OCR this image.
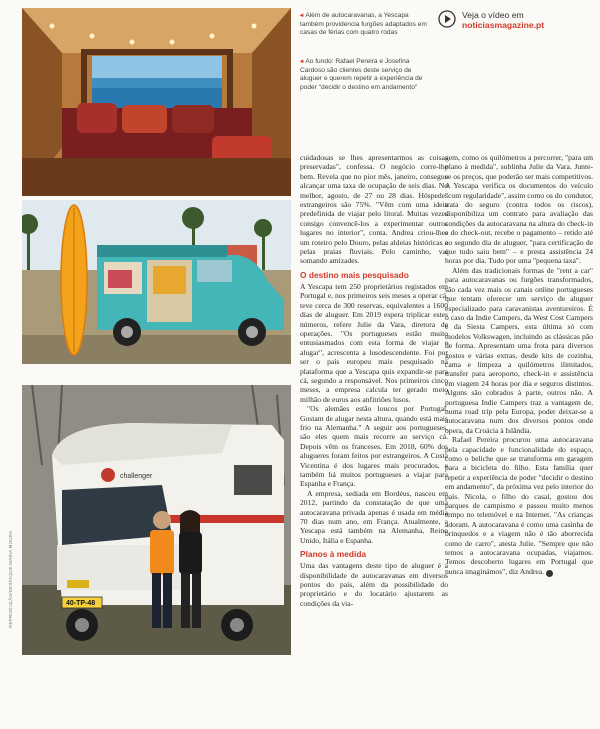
challenger
40-TP-48
REPRODUÇÃO/DESTAQUE MARIA MOURA
◂ Além de autocaravanas, a Yescapa também providencia furgões adaptados em casas de férias com quatro rodas
◂ Ao fundo: Rafael Pereira e Josefina Cardoso são clientes deste serviço de aluguer e querem repetir a experiência de poder "decidir o destino em andamento"
Veja o vídeo em
noticiasmagazine.pt

cuidadosas se lhes apresentarmos as coisas preservadas", confessa. O negócio corre-lhe bem. Revela que no pior mês, janeiro, consegue alcançar uma taxa de ocupação de seis dias. No melhor, agosto, de 27 ou 28 dias. Hóspedes estrangeiros são 75%. "Vêm com uma ideia predefinida de viajar pelo litoral. Muitas vezes consigo convencê-los a experimentar outros lugares no interior", conta. Andrea criou-lhes um roteiro pelo Douro, pelas aldeias históricas e pelas praias fluviais. Pelo caminho, vai somando amizades.

O destino mais pesquisado

A Yescapa tem 250 proprietários registados em Portugal e, nos primeiros seis meses a operar cá, teve cerca de 300 reservas, equivalentes a 1600 dias de aluguer. Em 2019 espera triplicar estes números, refere Julie da Vara, diretora de operações. "Os portugueses estão muito entusiasmados com esta forma de viajar e alugar", acrescenta a lusodescendente. Foi por ser o país europeu mais pesquisado na plataforma que a Yescapa quis expandir-se para cá, segundo a responsável. Nos primeiros cinco meses, a empresa calcula ter gerado meio milhão de euros aos anfitriões lusos.

"Os alemães estão loucos por Portugal. Gostam de alugar nesta altura, quando está mais frio na Alemanha." A seguir aos portugueses, são eles quem mais recorre ao serviço cá. Depois vêm os franceses. Em 2018, 60% dos alugueres foram feitos por estrangeiros. A Costa Vicentina é dos lugares mais procurados, e também há muitos portugueses a viajar para Espanha e França.

A empresa, sediada em Bordéus, nasceu em 2012, partindo da constatação de que uma autocaravana privada apenas é usada em média 70 dias num ano, em França. Atualmente, a Yescapa está também na Alemanha, Reino Unido, Itália e Espanha.

Planos à medida

Uma das vantagens deste tipo de aluguer é a disponibilidade de autocaravanas em diversos pontos do país, além da possibilidade do proprietário e do locatário ajustarem as condições da via-

gem, como os quilómetros a percorrer, "para um plano à medida", sublinha Julie da Vara. Junte-se os preços, que poderão ser mais competitivos. A Yescapa verifica os documentos do veículo "com regularidade", assim como os do condutor, trata do seguro (contra todos os riscos), disponibiliza um contrato para avaliação das condições da autocaravana na altura do check-in e do check-out, recebe o pagamento – retido até ao segundo dia de aluguer, "para certificação de que tudo saiu bem" – e presta assistência 24 horas por dia. Tudo por uma "pequena taxa".

Além das tradicionais formas de "rent a car" para autocaravanas ou furgões transformados, são cada vez mais os canais online portugueses que tentam oferecer um serviço de aluguer especializado para caravanistas aventureiros. É o caso da Indie Campers, da West Cost Campers e da Siesta Campers, esta última só com modelos Volkswagen, incluindo as clássicas pão de forma. Apresentam uma frota para diversos gostos e várias extras, desde kits de cozinha, cama e limpeza a quilómetros ilimitados, transfer para aeroporto, check-in e assistência em viagem 24 horas por dia e seguros distintos. Alguns são cobrados à parte, outros não. A portuguesa Indie Campers traz a vantagem de, numa road trip pela Europa, poder deixar-se a autocaravana num dos diversos pontos onde opera, da Croácia à Islândia.

Rafael Pereira procurou uma autocaravana pela capacidade e funcionalidade do espaço, como o beliche que se transforma em garagem para a bicicleta do filho. Esta família quer repetir a experiência de poder "decidir o destino em andamento", da próxima vez pelo interior do país. Nicola, o filho do casal, gostou dos parques de campismo e passou muito menos tempo no telemóvel e na Internet. "As crianças adoram. A autocaravana é como uma casinha de brinquedos e a viagem não é tão aborrecida como de carro", atesta Julie. "Sempre que não temos a autocaravana ocupadas, viajamos. Temos descoberto lugares em Portugal que nunca imaginámos", diz Andrea. ●
